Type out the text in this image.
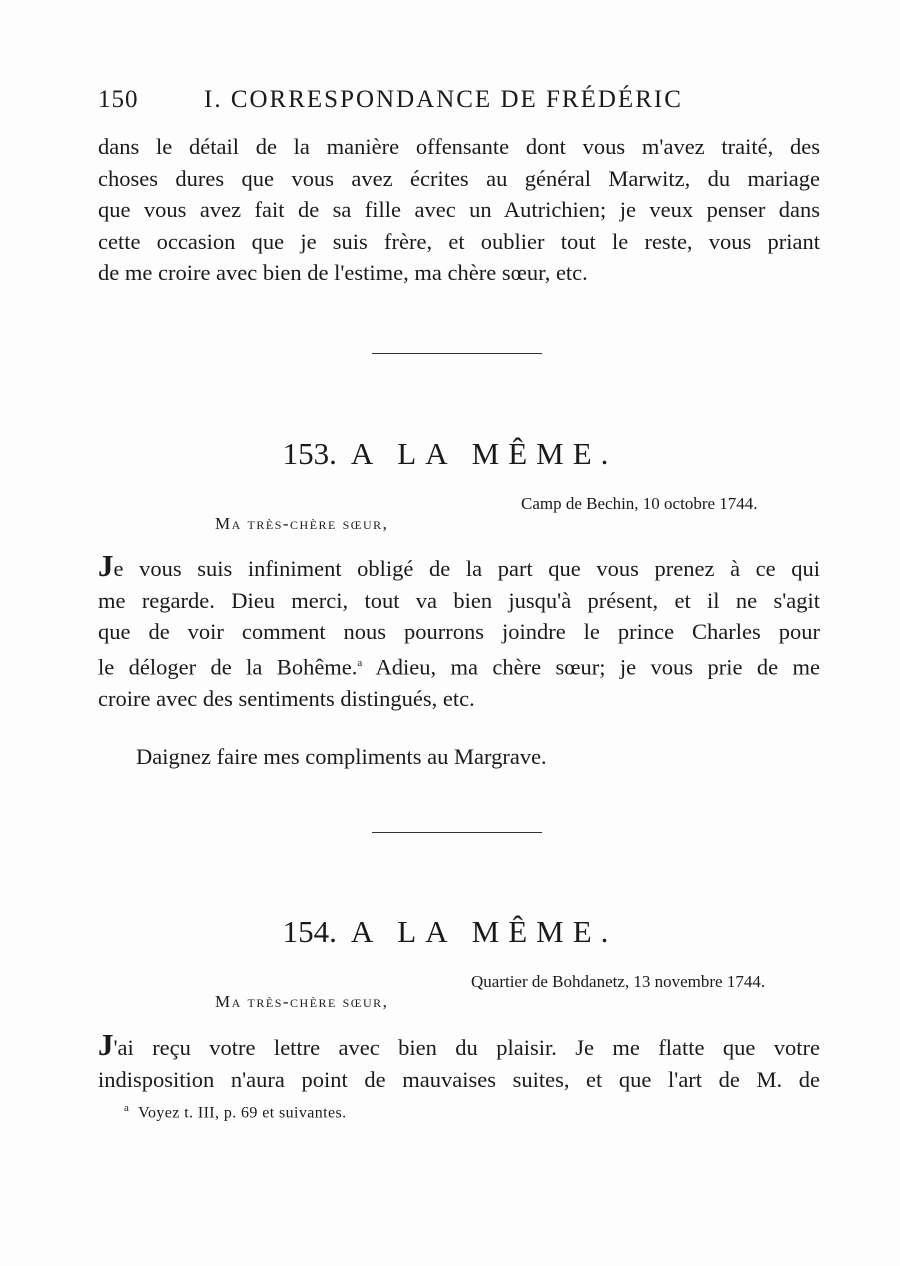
150	I. CORRESPONDANCE DE FRÉDÉRIC
dans le détail de la manière offensante dont vous m'avez traité, des
choses dures que vous avez écrites au général Marwitz, du mariage
que vous avez fait de sa fille avec un Autrichien; je veux penser dans
cette occasion que je suis frère, et oublier tout le reste, vous priant
de me croire avec bien de l'estime, ma chère sœur, etc.
153. A LA MÊME.
Camp de Bechin, 10 octobre 1744.
Ma très-chère sœur,
Je vous suis infiniment obligé de la part que vous prenez à ce qui
me regarde. Dieu merci, tout va bien jusqu'à présent, et il ne s'agit
que de voir comment nous pourrons joindre le prince Charles pour
le déloger de la Bohême.$^a$ Adieu, ma chère sœur; je vous prie de me
croire avec des sentiments distingués, etc.
Daignez faire mes compliments au Margrave.
154. A LA MÊME.
Quartier de Bohdanetz, 13 novembre 1744.
Ma très-chère sœur,
J'ai reçu votre lettre avec bien du plaisir. Je me flatte que votre
indisposition n'aura point de mauvaises suites, et que l'art de M. de
$^a$ Voyez t. III, p. 69 et suivantes.
